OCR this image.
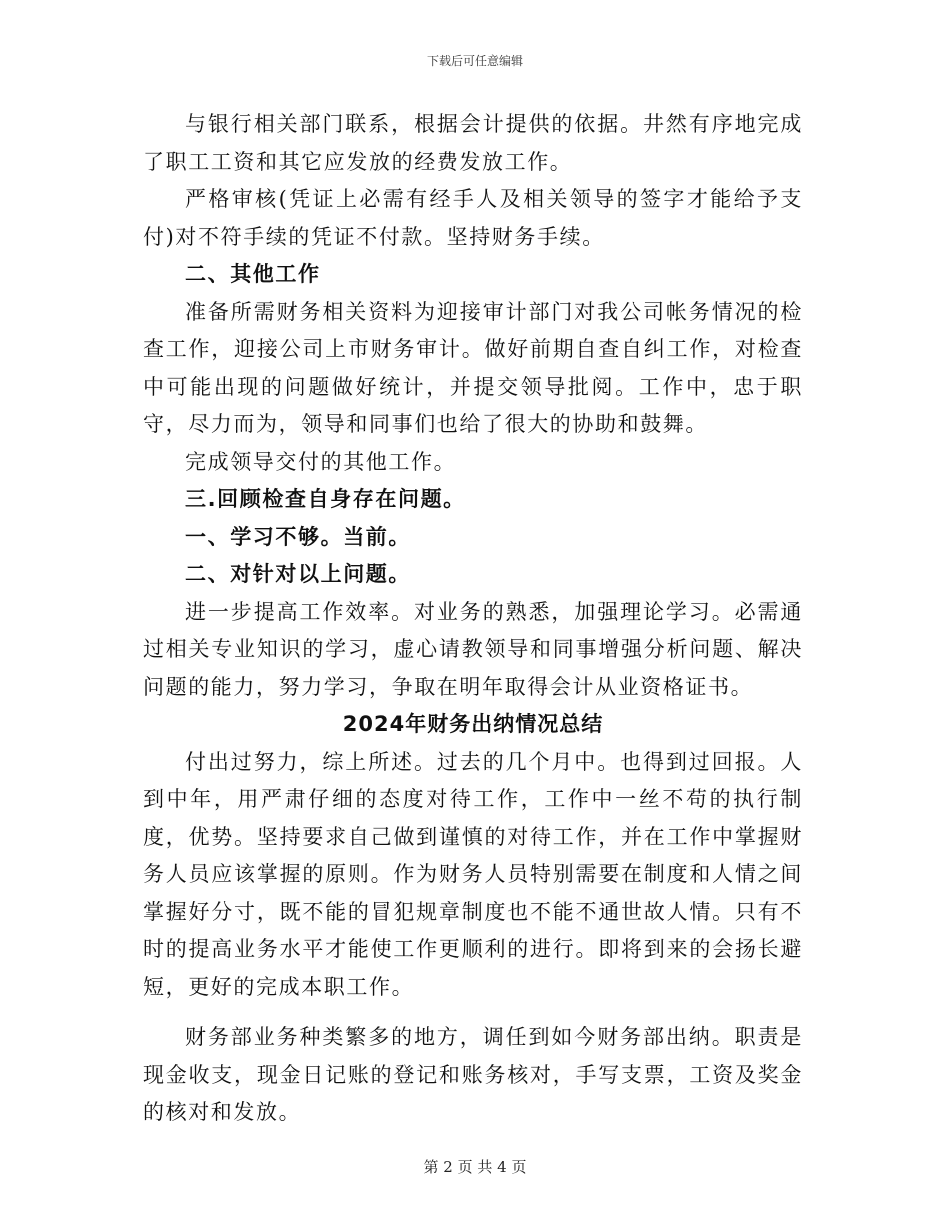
下载后可任意编辑

与银行相关部门联系，根据会计提供的依据。井然有序地完成了职工工资和其它应发放的经费发放工作。

严格审核(凭证上必需有经手人及相关领导的签字才能给予支付)对不符手续的凭证不付款。坚持财务手续。

二、其他工作

准备所需财务相关资料为迎接审计部门对我公司帐务情况的检查工作，迎接公司上市财务审计。做好前期自查自纠工作，对检查中可能出现的问题做好统计，并提交领导批阅。工作中，忠于职守，尽力而为，领导和同事们也给了很大的协助和鼓舞。

完成领导交付的其他工作。

三.回顾检查自身存在问题。

一、学习不够。当前。

二、对针对以上问题。

进一步提高工作效率。对业务的熟悉，加强理论学习。必需通过相关专业知识的学习，虚心请教领导和同事增强分析问题、解决问题的能力，努力学习，争取在明年取得会计从业资格证书。

2024年财务出纳情况总结

付出过努力，综上所述。过去的几个月中。也得到过回报。人到中年，用严肃仔细的态度对待工作，工作中一丝不苟的执行制度，优势。坚持要求自己做到谨慎的对待工作，并在工作中掌握财务人员应该掌握的原则。作为财务人员特别需要在制度和人情之间掌握好分寸，既不能的冒犯规章制度也不能不通世故人情。只有不时的提高业务水平才能使工作更顺利的进行。即将到来的会扬长避短，更好的完成本职工作。

财务部业务种类繁多的地方，调任到如今财务部出纳。职责是现金收支，现金日记账的登记和账务核对，手写支票，工资及奖金的核对和发放。

第 2 页 共 4 页
